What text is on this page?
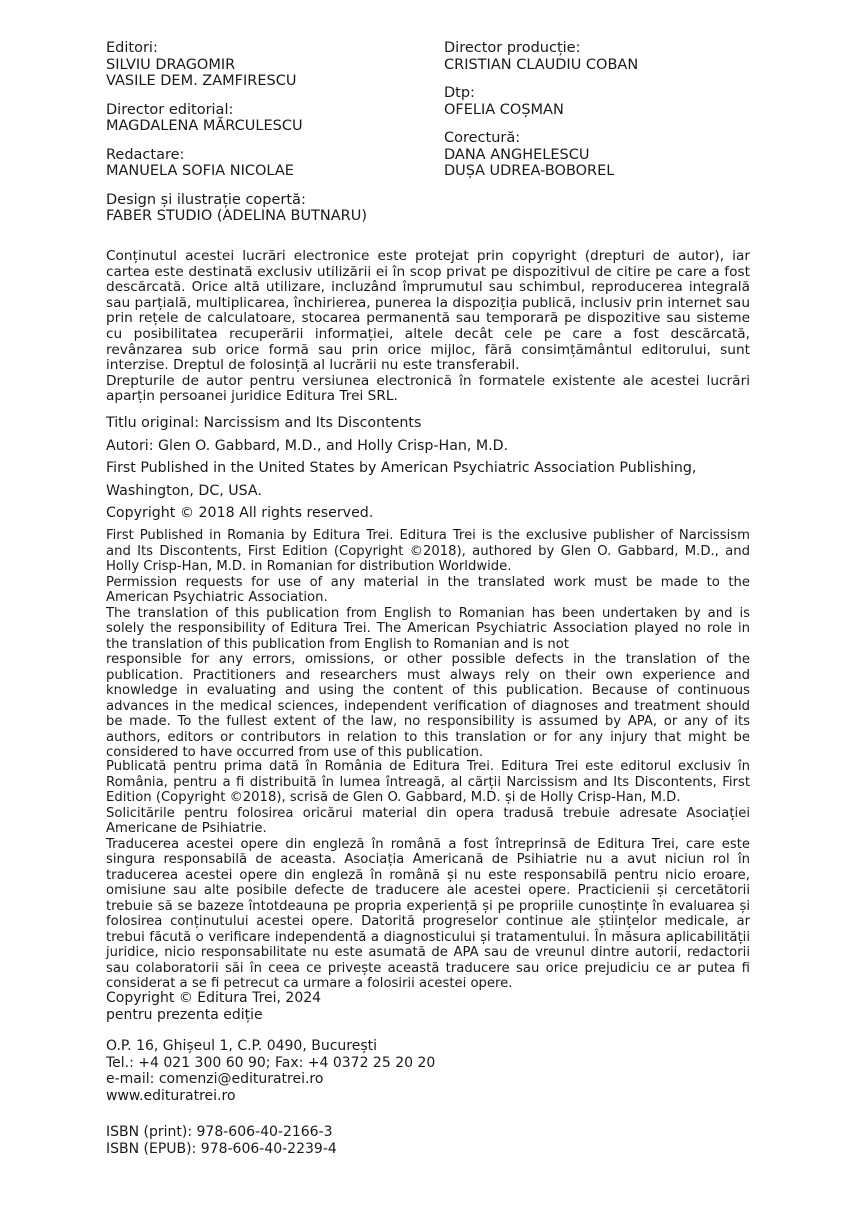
Editori:
SILVIU DRAGOMIR
VASILE DEM. ZAMFIRESCU
Director editorial:
MAGDALENA MĂRCULESCU
Redactare:
MANUELA SOFIA NICOLAE
Design și ilustrație copertă:
FABER STUDIO (ADELINA BUTNARU)
Director producție:
CRISTIAN CLAUDIU COBAN
Dtp:
OFELIA COȘMAN
Corectură:
DANA ANGHELESCU
DUȘA UDREA-BOBOREL

Conținutul acestei lucrări electronice este protejat prin copyright (drepturi de autor), iar cartea este destinată exclusiv utilizării ei în scop privat pe dispozitivul de citire pe care a fost descărcată. Orice altă utilizare, incluzând împrumutul sau schimbul, reproducerea integrală sau parțială, multiplicarea, închirierea, punerea la dispoziția publică, inclusiv prin internet sau prin rețele de calculatoare, stocarea permanentă sau temporară pe dispozitive sau sisteme cu posibilitatea recuperării informației, altele decât cele pe care a fost descărcată, revânzarea sub orice formă sau prin orice mijloc, fără consimțământul editorului, sunt interzise. Dreptul de folosință al lucrării nu este transferabil.

Drepturile de autor pentru versiunea electronică în formatele existente ale acestei lucrări aparțin persoanei juridice Editura Trei SRL.

Titlu original: Narcissism and Its Discontents
Autori: Glen O. Gabbard, M.D., and Holly Crisp-Han, M.D.
First Published in the United States by American Psychiatric Association Publishing,
Washington, DC, USA.
Copyright © 2018 All rights reserved.

First Published in Romania by Editura Trei. Editura Trei is the exclusive publisher of Narcissism and Its Discontents, First Edition (Copyright ©2018), authored by Glen O. Gabbard, M.D., and Holly Crisp-Han, M.D. in Romanian for distribution Worldwide.

Permission requests for use of any material in the translated work must be made to the American Psychiatric Association.

The translation of this publication from English to Romanian has been undertaken by and is solely the responsibility of Editura Trei. The American Psychiatric Association played no role in the translation of this publication from English to Romanian and is not

responsible for any errors, omissions, or other possible defects in the translation of the publication. Practitioners and researchers must always rely on their own experience and knowledge in evaluating and using the content of this publication. Because of continuous advances in the medical sciences, independent verification of diagnoses and treatment should be made. To the fullest extent of the law, no responsibility is assumed by APA, or any of its authors, editors or contributors in relation to this translation or for any injury that might be considered to have occurred from use of this publication.

Publicată pentru prima dată în România de Editura Trei. Editura Trei este editorul exclusiv în România, pentru a fi distribuită în lumea întreagă, al cărții Narcissism and Its Discontents, First Edition (Copyright ©2018), scrisă de Glen O. Gabbard, M.D. și de Holly Crisp-Han, M.D.

Solicitările pentru folosirea oricărui material din opera tradusă trebuie adresate Asociației Americane de Psihiatrie.

Traducerea acestei opere din engleză în română a fost întreprinsă de Editura Trei, care este singura responsabilă de aceasta. Asociația Americană de Psihiatrie nu a avut niciun rol în traducerea acestei opere din engleză în română și nu este responsabilă pentru nicio eroare, omisiune sau alte posibile defecte de traducere ale acestei opere. Practicienii și cercetătorii trebuie să se bazeze întotdeauna pe propria experiență și pe propriile cunoștințe în evaluarea și folosirea conținutului acestei opere. Datorită progreselor continue ale științelor medicale, ar trebui făcută o verificare independentă a diagnosticului și tratamentului. În măsura aplicabilității juridice, nicio responsabilitate nu este asumată de APA sau de vreunul dintre autorii, redactorii sau colaboratorii săi în ceea ce privește această traducere sau orice prejudiciu ce ar putea fi considerat a se fi petrecut ca urmare a folosirii acestei opere.

Copyright © Editura Trei, 2024
pentru prezenta ediție
O.P. 16, Ghișeul 1, C.P. 0490, București
Tel.: +4 021 300 60 90; Fax: +4 0372 25 20 20
e-mail: comenzi@edituratrei.ro
www.edituratrei.ro
ISBN (print): 978-606-40-2166-3
ISBN (EPUB): 978-606-40-2239-4
